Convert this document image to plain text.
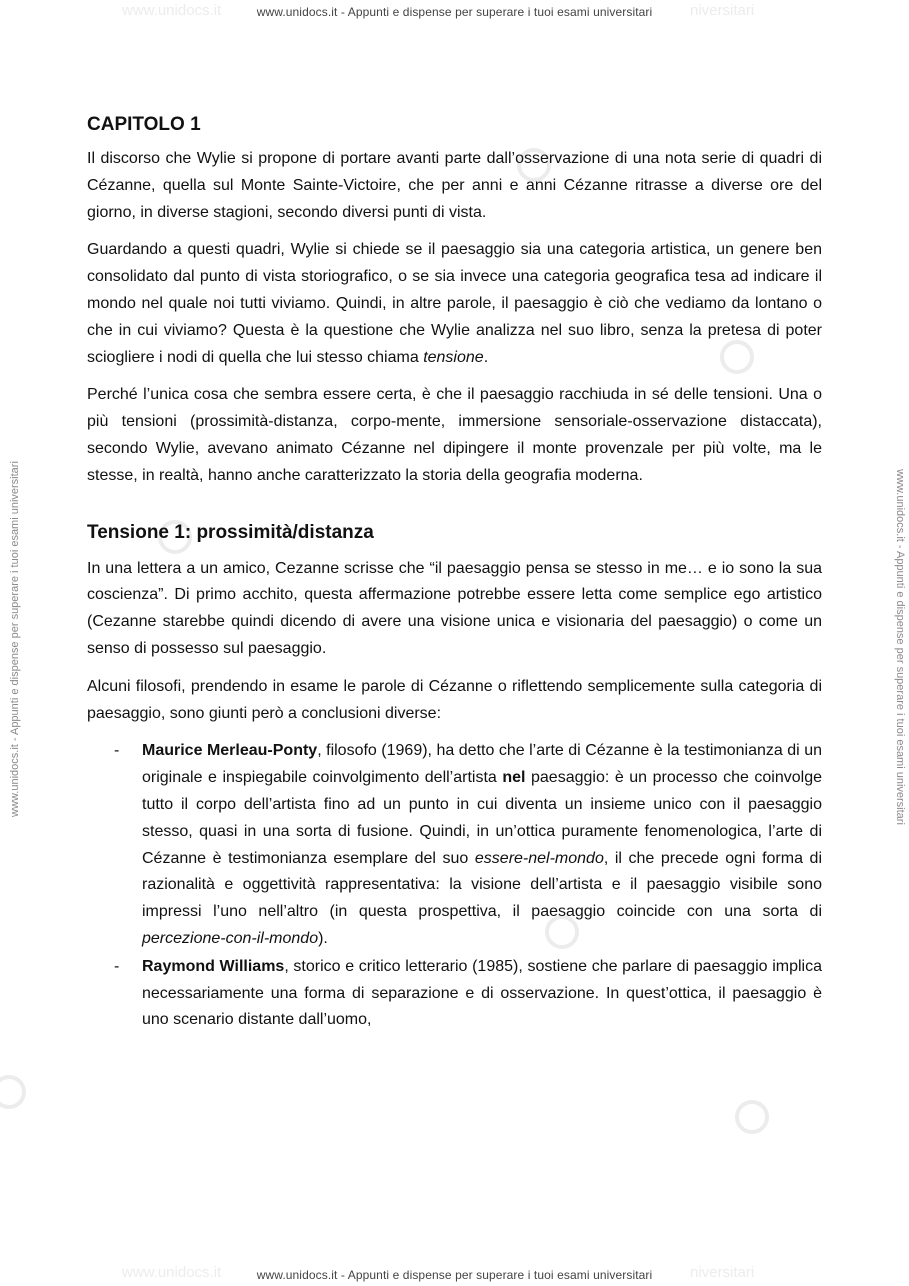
www.unidocs.it	niversitari
www.unidocs.it	niversitari
www.unidocs.it - Appunti e dispense per superare i tuoi esami universitari
www.unidocs.it - Appunti e dispense per superare i tuoi esami universitari
www.unidocs.it - Appunti e dispense per superare i tuoi esami universitari	www.unidocs.it - Appunti e dispense per superare i tuoi esami universitari
CAPITOLO 1

Il discorso che Wylie si propone di portare avanti parte dall’osservazione di una nota serie di quadri di Cézanne, quella sul Monte Sainte-Victoire, che per anni e anni Cézanne ritrasse a diverse ore del giorno, in diverse stagioni, secondo diversi punti di vista.

Guardando a questi quadri, Wylie si chiede se il paesaggio sia una categoria artistica, un genere ben consolidato dal punto di vista storiografico, o se sia invece una categoria geografica tesa ad indicare il mondo nel quale noi tutti viviamo. Quindi, in altre parole, il paesaggio è ciò che vediamo da lontano o che in cui viviamo? Questa è la questione che Wylie analizza nel suo libro, senza la pretesa di poter sciogliere i nodi di quella che lui stesso chiama tensione.

Perché l’unica cosa che sembra essere certa, è che il paesaggio racchiuda in sé delle tensioni. Una o più tensioni (prossimità-distanza, corpo-mente, immersione sensoriale-osservazione distaccata), secondo Wylie, avevano animato Cézanne nel dipingere il monte provenzale per più volte, ma le stesse, in realtà, hanno anche caratterizzato la storia della geografia moderna.

Tensione 1: prossimità/distanza

In una lettera a un amico, Cezanne scrisse che “il paesaggio pensa se stesso in me… e io sono la sua coscienza”. Di primo acchito, questa affermazione potrebbe essere letta come semplice ego artistico (Cezanne starebbe quindi dicendo di avere una visione unica e visionaria del paesaggio) o come un senso di possesso sul paesaggio.

Alcuni filosofi, prendendo in esame le parole di Cézanne o riflettendo semplicemente sulla categoria di paesaggio, sono giunti però a conclusioni diverse:

- Maurice Merleau-Ponty, filosofo (1969), ha detto che l’arte di Cézanne è la testimonianza di un originale e inspiegabile coinvolgimento dell’artista nel paesaggio: è un processo che coinvolge tutto il corpo dell’artista fino ad un punto in cui diventa un insieme unico con il paesaggio stesso, quasi in una sorta di fusione. Quindi, in un’ottica puramente fenomenologica, l’arte di Cézanne è testimonianza esemplare del suo essere-nel-mondo, il che precede ogni forma di razionalità e oggettività rappresentativa: la visione dell’artista e il paesaggio visibile sono impressi l’uno nell’altro (in questa prospettiva, il paesaggio coincide con una sorta di percezione-con-il-mondo).
- Raymond Williams, storico e critico letterario (1985), sostiene che parlare di paesaggio implica necessariamente una forma di separazione e di osservazione. In quest’ottica, il paesaggio è uno scenario distante dall’uomo,
